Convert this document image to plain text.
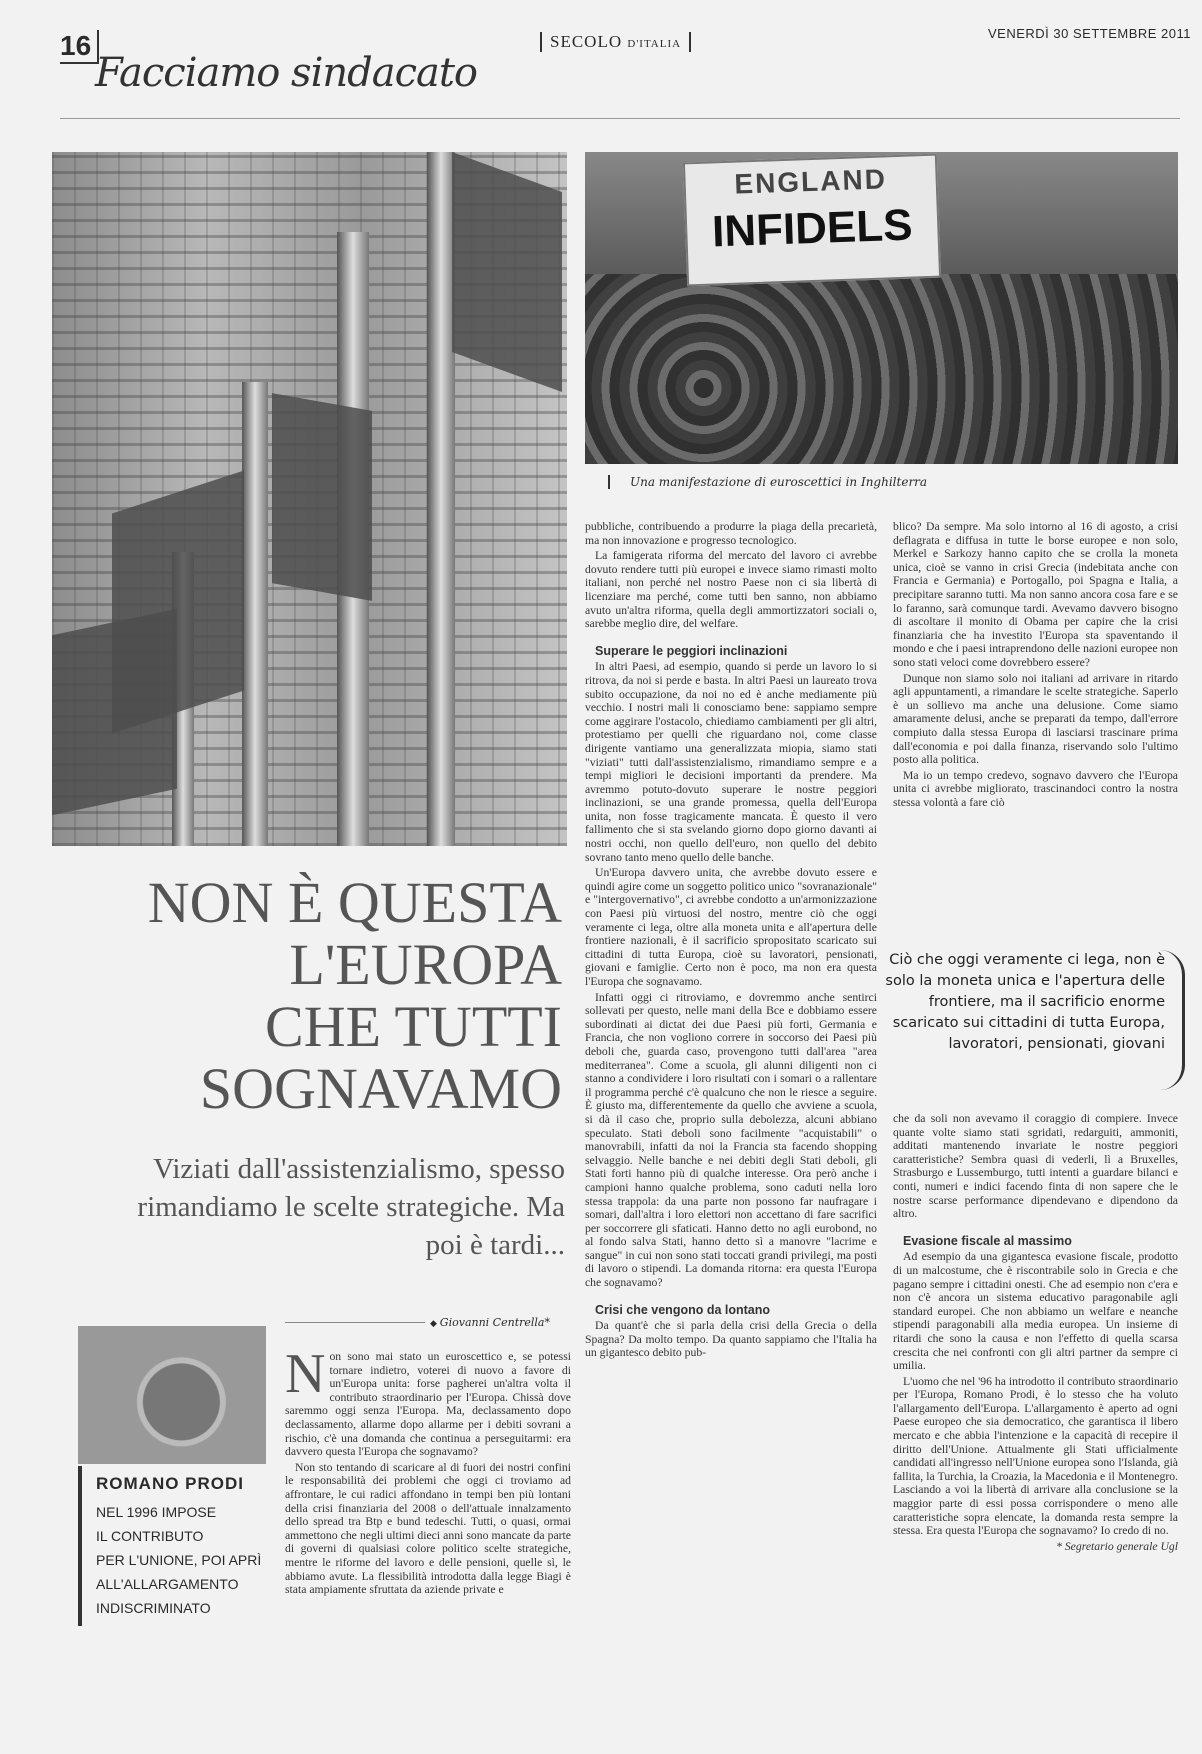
16	SECOLO D'ITALIA
VENERDÌ 30 SETTEMBRE 2011
Facciamo sindacato
ENGLAND
INFIDELS
Una manifestazione di euroscettici in Inghilterra
NON È QUESTA
L'EUROPA
CHE TUTTI
SOGNAVAMO
Viziati dall'assistenzialismo, spesso rimandiamo le scelte strategiche. Ma poi è tardi...
◆ Giovanni Centrella*
ROMANO PRODI
NEL 1996 IMPOSE
IL CONTRIBUTO
PER L'UNIONE, POI APRÌ
ALL'ALLARGAMENTO
INDISCRIMINATO

Non sono mai stato un euroscettico e, se potessi tornare indietro, voterei di nuovo a favore di un'Europa unita: forse pagherei un'altra volta il contributo straordinario per l'Europa. Chissà dove saremmo oggi senza l'Europa. Ma, declassamento dopo declassamento, allarme dopo allarme per i debiti sovrani a rischio, c'è una domanda che continua a perseguitarmi: era davvero questa l'Europa che sognavamo?

Non sto tentando di scaricare al di fuori dei nostri confini le responsabilità dei problemi che oggi ci troviamo ad affrontare, le cui radici affondano in tempi ben più lontani della crisi finanziaria del 2008 o dell'attuale innalzamento dello spread tra Btp e bund tedeschi. Tutti, o quasi, ormai ammettono che negli ultimi dieci anni sono mancate da parte di governi di qualsiasi colore politico scelte strategiche, mentre le riforme del lavoro e delle pensioni, quelle sì, le abbiamo avute. La flessibilità introdotta dalla legge Biagi è stata ampiamente sfruttata da aziende private e

pubbliche, contribuendo a produrre la piaga della precarietà, ma non innovazione e progresso tecnologico.

La famigerata riforma del mercato del lavoro ci avrebbe dovuto rendere tutti più europei e invece siamo rimasti molto italiani, non perché nel nostro Paese non ci sia libertà di licenziare ma perché, come tutti ben sanno, non abbiamo avuto un'altra riforma, quella degli ammortizzatori sociali o, sarebbe meglio dire, del welfare.

Superare le peggiori inclinazioni

In altri Paesi, ad esempio, quando si perde un lavoro lo si ritrova, da noi si perde e basta. In altri Paesi un laureato trova subito occupazione, da noi no ed è anche mediamente più vecchio. I nostri mali li conosciamo bene: sappiamo sempre come aggirare l'ostacolo, chiediamo cambiamenti per gli altri, protestiamo per quelli che riguardano noi, come classe dirigente vantiamo una generalizzata miopia, siamo stati "viziati" tutti dall'assistenzialismo, rimandiamo sempre e a tempi migliori le decisioni importanti da prendere. Ma avremmo potuto-dovuto superare le nostre peggiori inclinazioni, se una grande promessa, quella dell'Europa unita, non fosse tragicamente mancata. È questo il vero fallimento che si sta svelando giorno dopo giorno davanti ai nostri occhi, non quello dell'euro, non quello del debito sovrano tanto meno quello delle banche.

Un'Europa davvero unita, che avrebbe dovuto essere e quindi agire come un soggetto politico unico "sovranazionale" e "intergovernativo", ci avrebbe condotto a un'armonizzazione con Paesi più virtuosi del nostro, mentre ciò che oggi veramente ci lega, oltre alla moneta unita e all'apertura delle frontiere nazionali, è il sacrificio spropositato scaricato sui cittadini di tutta Europa, cioè su lavoratori, pensionati, giovani e famiglie. Certo non è poco, ma non era questa l'Europa che sognavamo.

Infatti oggi ci ritroviamo, e dovremmo anche sentirci sollevati per questo, nelle mani della Bce e dobbiamo essere subordinati ai dictat dei due Paesi più forti, Germania e Francia, che non vogliono correre in soccorso dei Paesi più deboli che, guarda caso, provengono tutti dall'area "area mediterranea". Come a scuola, gli alunni diligenti non ci stanno a condividere i loro risultati con i somari o a rallentare il programma perché c'è qualcuno che non le riesce a seguire. È giusto ma, differentemente da quello che avviene a scuola, si dà il caso che, proprio sulla debolezza, alcuni abbiano speculato. Stati deboli sono facilmente "acquistabili" o manovrabili, infatti da noi la Francia sta facendo shopping selvaggio. Nelle banche e nei debiti degli Stati deboli, gli Stati forti hanno più di qualche interesse. Ora però anche i campioni hanno qualche problema, sono caduti nella loro stessa trappola: da una parte non possono far naufragare i somari, dall'altra i loro elettori non accettano di fare sacrifici per soccorrere gli sfaticati. Hanno detto no agli eurobond, no al fondo salva Stati, hanno detto sì a manovre "lacrime e sangue" in cui non sono stati toccati grandi privilegi, ma posti di lavoro o stipendi. La domanda ritorna: era questa l'Europa che sognavamo?

Crisi che vengono da lontano

Da quant'è che si parla della crisi della Grecia o della Spagna? Da molto tempo. Da quanto sappiamo che l'Italia ha un gigantesco debito pub-

blico? Da sempre. Ma solo intorno al 16 di agosto, a crisi deflagrata e diffusa in tutte le borse europee e non solo, Merkel e Sarkozy hanno capito che se crolla la moneta unica, cioè se vanno in crisi Grecia (indebitata anche con Francia e Germania) e Portogallo, poi Spagna e Italia, a precipitare saranno tutti. Ma non sanno ancora cosa fare e se lo faranno, sarà comunque tardi. Avevamo davvero bisogno di ascoltare il monito di Obama per capire che la crisi finanziaria che ha investito l'Europa sta spaventando il mondo e che i paesi intraprendono delle nazioni europee non sono stati veloci come dovrebbero essere?

Dunque non siamo solo noi italiani ad arrivare in ritardo agli appuntamenti, a rimandare le scelte strategiche. Saperlo è un sollievo ma anche una delusione. Come siamo amaramente delusi, anche se preparati da tempo, dall'errore compiuto dalla stessa Europa di lasciarsi trascinare prima dall'economia e poi dalla finanza, riservando solo l'ultimo posto alla politica.

Ma io un tempo credevo, sognavo davvero che l'Europa unita ci avrebbe migliorato, trascinandoci contro la nostra stessa volontà a fare ciò

Ciò che oggi veramente ci lega, non è solo la moneta unica e l'apertura delle frontiere, ma il sacrificio enorme scaricato sui cittadini di tutta Europa, lavoratori, pensionati, giovani

che da soli non avevamo il coraggio di compiere. Invece quante volte siamo stati sgridati, redarguiti, ammoniti, additati mantenendo invariate le nostre peggiori caratteristiche? Sembra quasi di vederli, lì a Bruxelles, Strasburgo e Lussemburgo, tutti intenti a guardare bilanci e conti, numeri e indici facendo finta di non sapere che le nostre scarse performance dipendevano e dipendono da altro.

Evasione fiscale al massimo

Ad esempio da una gigantesca evasione fiscale, prodotto di un malcostume, che è riscontrabile solo in Grecia e che pagano sempre i cittadini onesti. Che ad esempio non c'era e non c'è ancora un sistema educativo paragonabile agli standard europei. Che non abbiamo un welfare e neanche stipendi paragonabili alla media europea. Un insieme di ritardi che sono la causa e non l'effetto di quella scarsa crescita che nei confronti con gli altri partner da sempre ci umilia.

L'uomo che nel '96 ha introdotto il contributo straordinario per l'Europa, Romano Prodi, è lo stesso che ha voluto l'allargamento dell'Europa. L'allargamento è aperto ad ogni Paese europeo che sia democratico, che garantisca il libero mercato e che abbia l'intenzione e la capacità di recepire il diritto dell'Unione. Attualmente gli Stati ufficialmente candidati all'ingresso nell'Unione europea sono l'Islanda, già fallita, la Turchia, la Croazia, la Macedonia e il Montenegro. Lasciando a voi la libertà di arrivare alla conclusione se la maggior parte di essi possa corrispondere o meno alle caratteristiche sopra elencate, la domanda resta sempre la stessa. Era questa l'Europa che sognavamo? Io credo di no.

* Segretario generale Ugl
